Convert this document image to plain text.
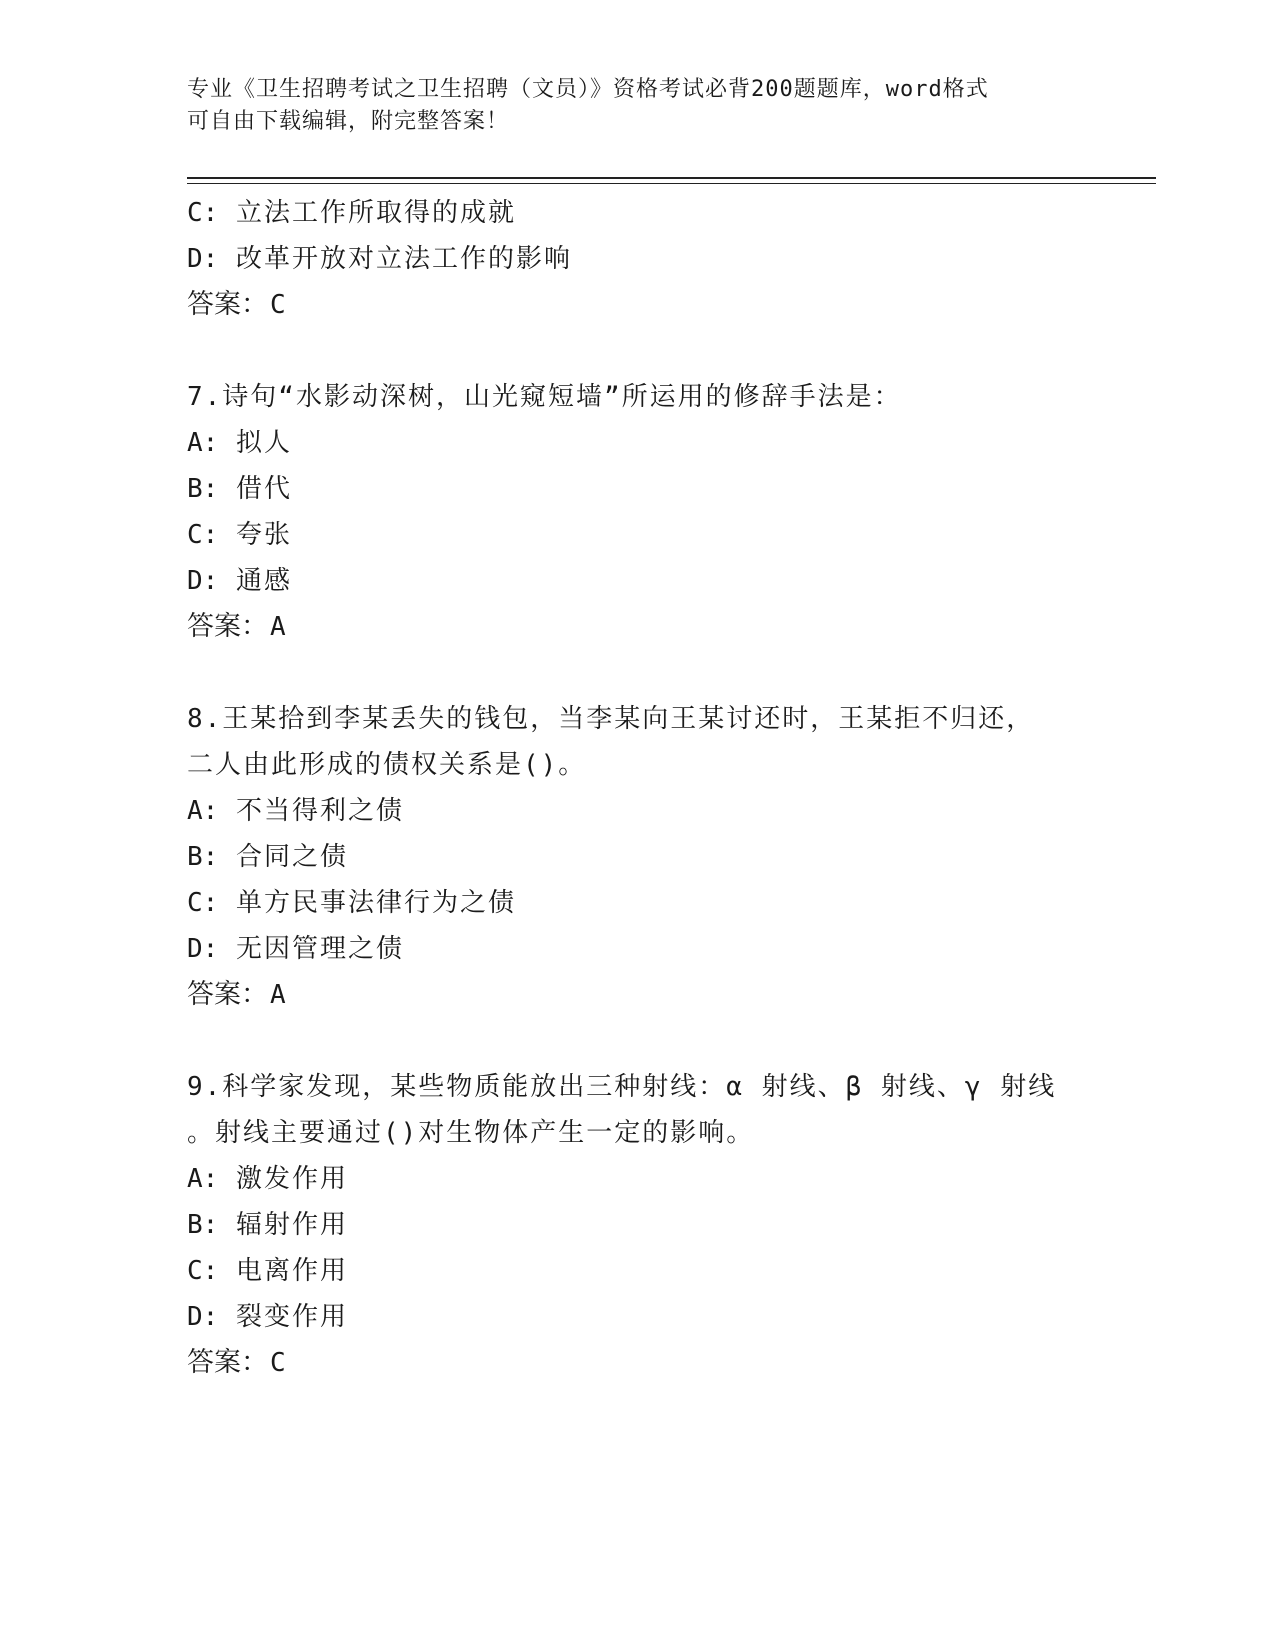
专业《卫生招聘考试之卫生招聘（文员）》资格考试必背200题题库，word格式
可自由下载编辑，附完整答案！
C: 立法工作所取得的成就
D: 改革开放对立法工作的影响
答案：C
7.诗句“水影动深树，山光窥短墙”所运用的修辞手法是：
A: 拟人
B: 借代
C: 夸张
D: 通感
答案：A
8.王某拾到李某丢失的钱包，当李某向王某讨还时，王某拒不归还，
二人由此形成的债权关系是()。
A: 不当得利之债
B: 合同之债
C: 单方民事法律行为之债
D: 无因管理之债
答案：A
9.科学家发现，某些物质能放出三种射线：α 射线、β 射线、γ 射线
。射线主要通过()对生物体产生一定的影响。
A: 激发作用
B: 辐射作用
C: 电离作用
D: 裂变作用
答案：C
